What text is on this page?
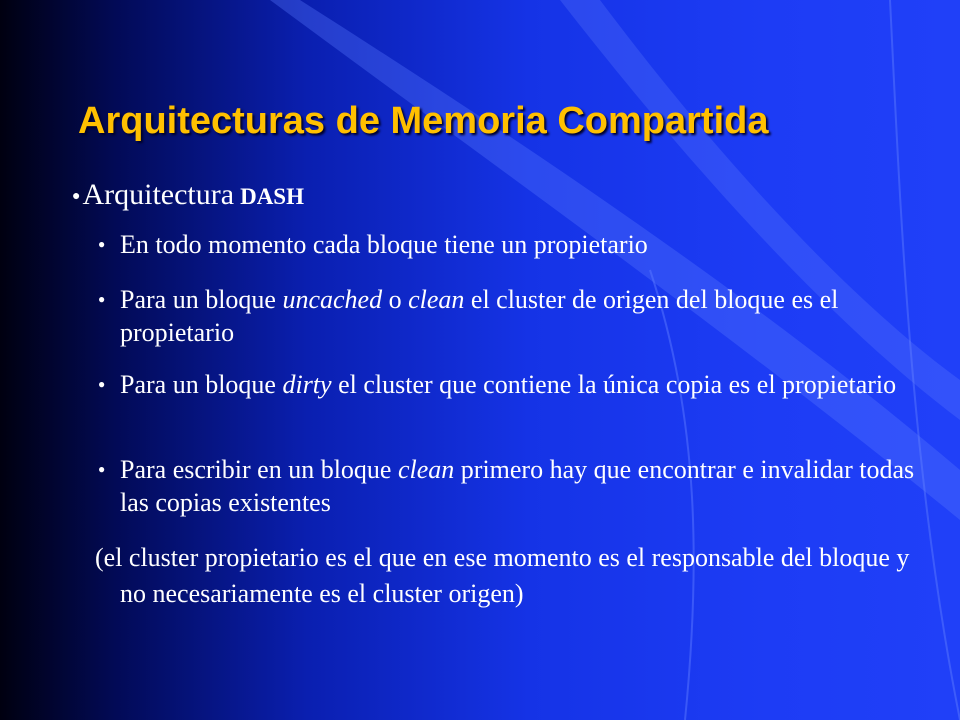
Arquitecturas de Memoria Compartida
●Arquitectura DASH
● En todo momento cada bloque tiene un propietario
● Para un bloque uncached o clean el cluster de origen del bloque es el propietario
● Para un bloque dirty el cluster que contiene la única copia es el propietario
● Para escribir en un bloque clean primero hay que encontrar e invalidar todas las copias existentes
(el cluster propietario es el que en ese momento es el responsable del bloque y no necesariamente es el cluster origen)
